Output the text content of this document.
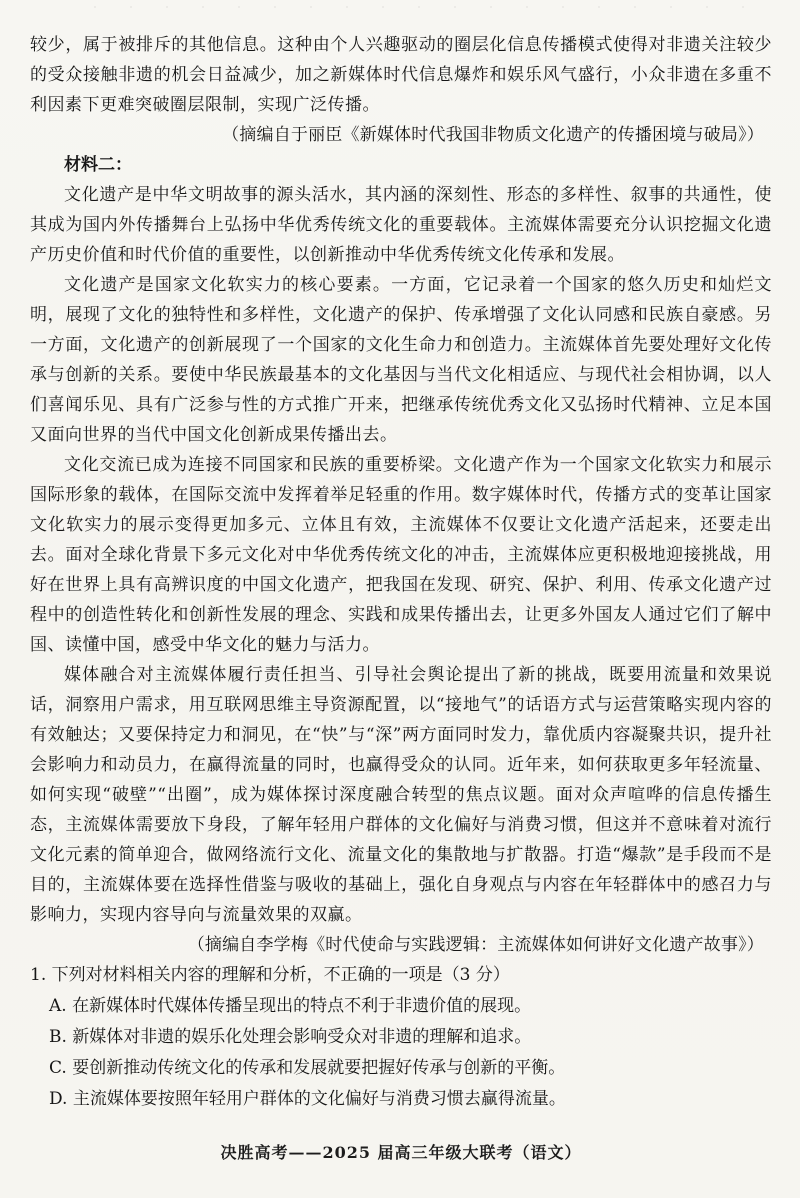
较少，属于被排斥的其他信息。这种由个人兴趣驱动的圈层化信息传播模式使得对非遗关注较少的受众接触非遗的机会日益减少，加之新媒体时代信息爆炸和娱乐风气盛行，小众非遗在多重不利因素下更难突破圈层限制，实现广泛传播。

（摘编自于丽臣《新媒体时代我国非物质文化遗产的传播困境与破局》）

材料二：

文化遗产是中华文明故事的源头活水，其内涵的深刻性、形态的多样性、叙事的共通性，使其成为国内外传播舞台上弘扬中华优秀传统文化的重要载体。主流媒体需要充分认识挖掘文化遗产历史价值和时代价值的重要性，以创新推动中华优秀传统文化传承和发展。

文化遗产是国家文化软实力的核心要素。一方面，它记录着一个国家的悠久历史和灿烂文明，展现了文化的独特性和多样性，文化遗产的保护、传承增强了文化认同感和民族自豪感。另一方面，文化遗产的创新展现了一个国家的文化生命力和创造力。主流媒体首先要处理好文化传承与创新的关系。要使中华民族最基本的文化基因与当代文化相适应、与现代社会相协调，以人们喜闻乐见、具有广泛参与性的方式推广开来，把继承传统优秀文化又弘扬时代精神、立足本国又面向世界的当代中国文化创新成果传播出去。

文化交流已成为连接不同国家和民族的重要桥梁。文化遗产作为一个国家文化软实力和展示国际形象的载体，在国际交流中发挥着举足轻重的作用。数字媒体时代，传播方式的变革让国家文化软实力的展示变得更加多元、立体且有效，主流媒体不仅要让文化遗产活起来，还要走出去。面对全球化背景下多元文化对中华优秀传统文化的冲击，主流媒体应更积极地迎接挑战，用好在世界上具有高辨识度的中国文化遗产，把我国在发现、研究、保护、利用、传承文化遗产过程中的创造性转化和创新性发展的理念、实践和成果传播出去，让更多外国友人通过它们了解中国、读懂中国，感受中华文化的魅力与活力。

媒体融合对主流媒体履行责任担当、引导社会舆论提出了新的挑战，既要用流量和效果说话，洞察用户需求，用互联网思维主导资源配置，以“接地气”的话语方式与运营策略实现内容的有效触达；又要保持定力和洞见，在“快”与“深”两方面同时发力，靠优质内容凝聚共识，提升社会影响力和动员力，在赢得流量的同时，也赢得受众的认同。近年来，如何获取更多年轻流量、如何实现“破壁”“出圈”，成为媒体探讨深度融合转型的焦点议题。面对众声喧哗的信息传播生态，主流媒体需要放下身段，了解年轻用户群体的文化偏好与消费习惯，但这并不意味着对流行文化元素的简单迎合，做网络流行文化、流量文化的集散地与扩散器。打造“爆款”是手段而不是目的，主流媒体要在选择性借鉴与吸收的基础上，强化自身观点与内容在年轻群体中的感召力与影响力，实现内容导向与流量效果的双赢。

（摘编自李学梅《时代使命与实践逻辑：主流媒体如何讲好文化遗产故事》）

1. 下列对材料相关内容的理解和分析，不正确的一项是（3 分）

A. 在新媒体时代媒体传播呈现出的特点不利于非遗价值的展现。

B. 新媒体对非遗的娱乐化处理会影响受众对非遗的理解和追求。

C. 要创新推动传统文化的传承和发展就要把握好传承与创新的平衡。

D. 主流媒体要按照年轻用户群体的文化偏好与消费习惯去赢得流量。

决胜高考——2025 届高三年级大联考（语文）
